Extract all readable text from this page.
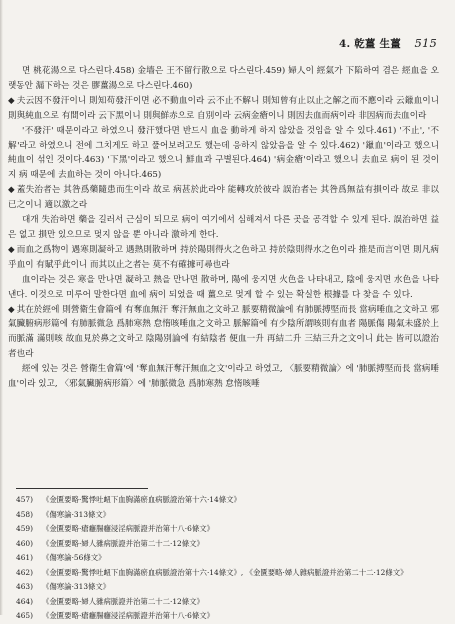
4. 乾薑 生薑 515

면 桃花湯으로 다스린다.458) 金墻은 王不留行散으로 다스린다.459) 婦人이 經氣가 下陷하여 겸은 經血을 오랫동안 漏下하는 것은 膠薑湯으로 다스린다.460)

◆ 夫云因不發汗이니 則知苟發汗이면 必不動血이라 云不止不解니 則知曾有止以止之解之而不應이라 云鑞血이니 則與純血으로 有間이라 云下黑이니 則與鮮赤으로 自別이라 云病金瘡이니 則因去血而病이라 非因病而去血이라

'不發汗' 때문이라고 하였으니 發汗했다면 반드시 血을 動하게 하지 않았을 것임을 알 수 있다.461) '不止', '不解'라고 하였으니 전에 그치게도 하고 풀어보려고도 했는데 응하지 않았음을 알 수 있다.462) '鑞血'이라고 했으니 純血이 섞인 것이다.463) '下黑'이라고 했으니 鮮血과 구별된다.464) '病金瘡'이라고 했으니 去血로 病이 된 것이지 病 때문에 去血하는 것이 아니다.465)

◆ 蓋失治者는 其咎爲藥隨患而生이라 故로 病甚於此라야 能轉攻於彼라 誤治者는 其咎爲無益有損이라 故로 非以已之이니 適以激之라

대개 失治하면 藥을 길러서 근심이 되므로 病이 여기에서 심해져서 다른 곳을 공격할 수 있게 된다. 誤治하면 益은 없고 損만 있으므로 멎지 않을 뿐 아니라 激하게 한다.

◆ 而血之爲物이 遇寒則凝하고 遇熱則散하며 持於陽則得火之色하고 持於陰則得水之色이라 推是而言이면 則凡病乎血이 有賦乎此이니 而其以止之者는 莫不有確據可尋也라

血이라는 것은 寒을 만나면 凝하고 熱을 만나면 散하며, 陽에 웅지면 火色을 나타내고, 陰에 웅지면 水色을 나타낸다. 이것으로 미루어 말한다면 血에 病이 되었을 때 薑으로 멎게 할 수 있는 확실한 根據를 다 찾을 수 있다.

◆ 其在於經에 則營衛生會篇에 有奪血無汗 奪汗無血之文하고 脈要精微論에 有肺脈搏堅而長 當病唾血之文하고 邪氣臟腑病形篇에 有肺脈微急 爲肺寒熱 怠惰咳唾血之文하고 脈解篇에 有少陰所謂咳則有血者 陽脈傷 陽氣未盛於上而脈滿 滿則咳 故血見於鼻之文하고 陰陽別論에 有結陰者 便血一升 再結二升 三結三升之文이니 此는 皆可以證治者也라

經에 있는 것은 營衛生會篇'에 '奪血無汗奪汗無血之文'이라고 하였고, 〈脈要精微論〉에 '肺脈搏堅而長 當病唾血'이라 있고, 〈邪氣臟腑病形篇〉에 '肺脈微急 爲肺寒熱 怠惰咳唾

457) 《金匱要略·驚悸吐衄下血胸滿瘀血病脈證治第十六·14條文》
458) 《傷寒論·313條文》
459) 《金匱要略·瘡癰腸癰浸淫病脈證并治第十八·6條文》
460) 《金匱要略·婦人雜病脈證并治第二十二·12條文》
461) 《傷寒論·56條文》
462) 《金匱要略·驚悸吐衄下血胸滿瘀血病脈證治第十六·14條文》, 《金匱要略·婦人雜病脈證并治第二十二·12條文》
463) 《傷寒論·313條文》
464) 《金匱要略·婦人雜病脈證并治第二十二·12條文》
465) 《金匱要略·瘡癰腸癰浸淫病脈證并治第十八·6條文》
